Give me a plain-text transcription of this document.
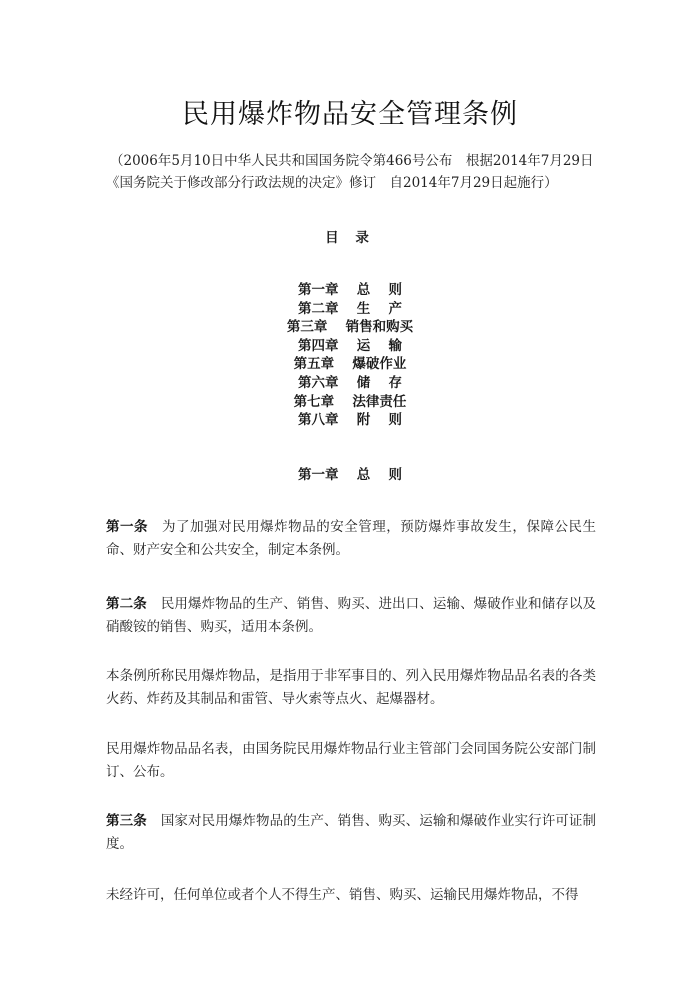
民用爆炸物品安全管理条例
（2006年5月10日中华人民共和国国务院令第466号公布　根据2014年7月29日《国务院关于修改部分行政法规的决定》修订　自2014年7月29日起施行）
目 录
第一章　 总　 则
第二章　 生　 产
第三章　 销售和购买
第四章　 运　 输
第五章　 爆破作业
第六章　 储　 存
第七章　 法律责任
第八章　 附　 则
第一章　 总　 则
第一条 为了加强对民用爆炸物品的安全管理，预防爆炸事故发生，保障公民生命、财产安全和公共安全，制定本条例。
第二条 民用爆炸物品的生产、销售、购买、进出口、运输、爆破作业和储存以及硝酸铵的销售、购买，适用本条例。
本条例所称民用爆炸物品，是指用于非军事目的、列入民用爆炸物品品名表的各类火药、炸药及其制品和雷管、导火索等点火、起爆器材。
民用爆炸物品品名表，由国务院民用爆炸物品行业主管部门会同国务院公安部门制订、公布。
第三条 国家对民用爆炸物品的生产、销售、购买、运输和爆破作业实行许可证制度。
未经许可，任何单位或者个人不得生产、销售、购买、运输民用爆炸物品，不得
